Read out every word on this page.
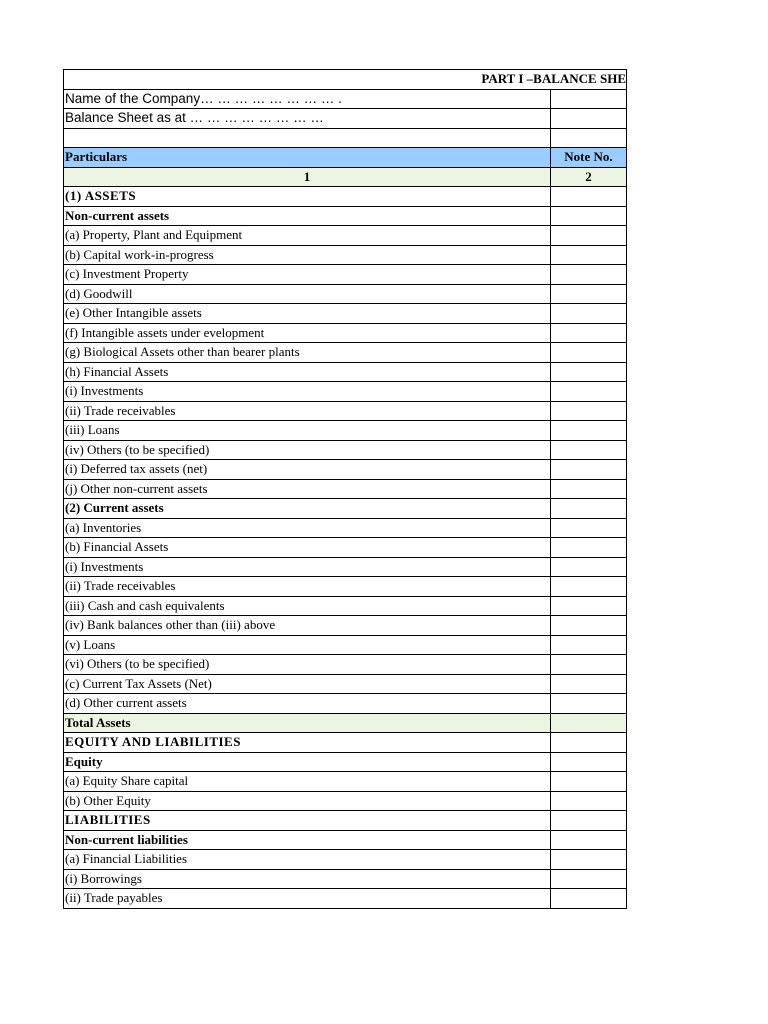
PART I –BALANCE SHE	
Name of the Company… … … … … … … … .	
Balance Sheet as at … … … … … … … …	

Particulars	Note No.
1	2
(1) ASSETS	
Non-current assets	
(a) Property, Plant and Equipment	
(b) Capital work-in-progress	
(c) Investment Property	
(d) Goodwill	
(e) Other Intangible assets	
(f) Intangible assets under evelopment	
(g) Biological Assets other than bearer plants	
(h) Financial Assets	
(i) Investments	
(ii) Trade receivables	
(iii) Loans	
(iv) Others (to be specified)	
(i) Deferred tax assets (net)	
(j) Other non-current assets	
(2) Current assets	
(a) Inventories	
(b) Financial Assets	
(i) Investments	
(ii) Trade receivables	
(iii) Cash and cash equivalents	
(iv) Bank balances other than (iii) above	
(v) Loans	
(vi) Others (to be specified)	
(c) Current Tax Assets (Net)	
(d) Other current assets	
Total Assets	
EQUITY AND LIABILITIES	
Equity	
(a) Equity Share capital	
(b) Other Equity	
LIABILITIES	
Non-current liabilities	
(a) Financial Liabilities	
(i) Borrowings	
(ii) Trade payables	
